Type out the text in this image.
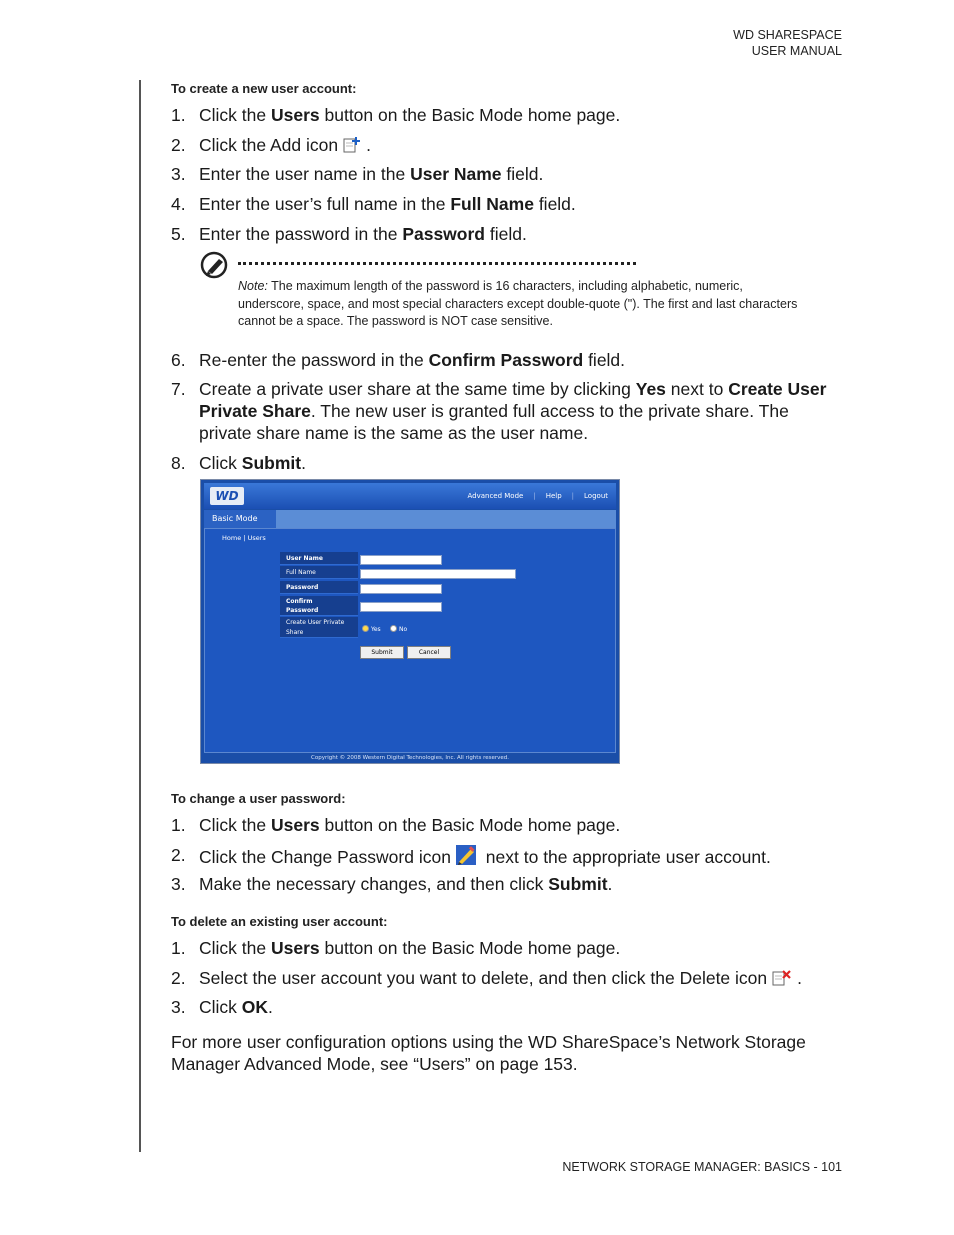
WD SHARESPACE
USER MANUAL
To create a new user account:
1. Click the Users button on the Basic Mode home page.
2. Click the Add icon .
3. Enter the user name in the User Name field.
4. Enter the user’s full name in the Full Name field.
5. Enter the password in the Password field.
Note: The maximum length of the password is 16 characters, including alphabetic, numeric, underscore, space, and most special characters except double-quote ("). The first and last characters cannot be a space. The password is NOT case sensitive.
6. Re-enter the password in the Confirm Password field.
7. Create a private user share at the same time by clicking Yes next to Create User Private Share. The new user is granted full access to the private share. The private share name is the same as the user name.
8. Click Submit.
WD	Advanced Mode | Help | Logout
Basic Mode
Home | Users
User Name
Full Name
Password
Confirm Password
Create User Private Share	Yes	No
Submit	Cancel
Copyright © 2008 Western Digital Technologies, Inc. All rights reserved.
To change a user password:
1. Click the Users button on the Basic Mode home page.
2. Click the Change Password icon next to the appropriate user account.
3. Make the necessary changes, and then click Submit.
To delete an existing user account:
1. Click the Users button on the Basic Mode home page.
2. Select the user account you want to delete, and then click the Delete icon .
3. Click OK.
For more user configuration options using the WD ShareSpace’s Network Storage Manager Advanced Mode, see “Users” on page 153.
NETWORK STORAGE MANAGER: BASICS - 101
